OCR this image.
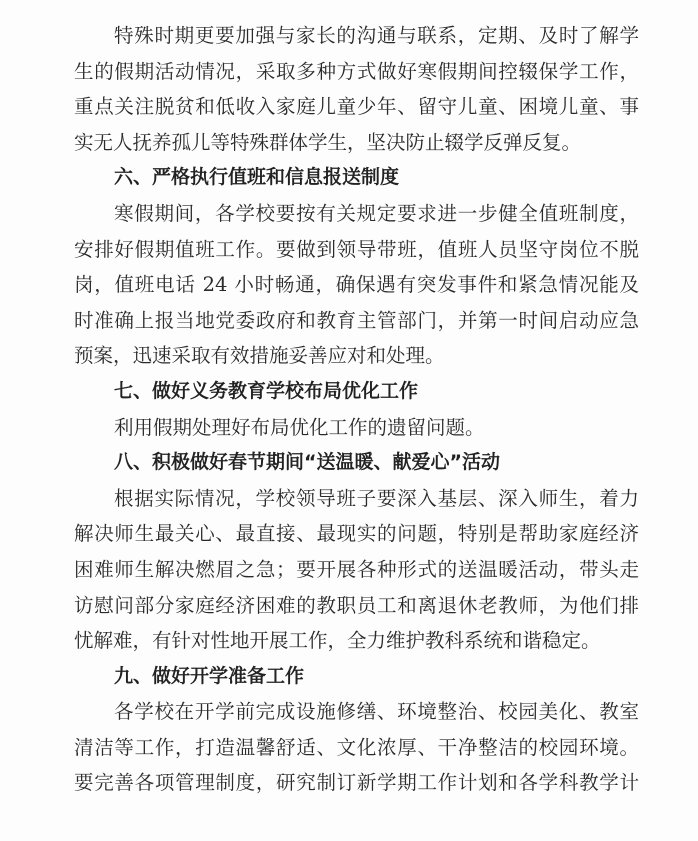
特殊时期更要加强与家长的沟通与联系，定期、及时了解学
生的假期活动情况，采取多种方式做好寒假期间控辍保学工作，
重点关注脱贫和低收入家庭儿童少年、留守儿童、困境儿童、事
实无人抚养孤儿等特殊群体学生，坚决防止辍学反弹反复。
六、严格执行值班和信息报送制度
寒假期间，各学校要按有关规定要求进一步健全值班制度，
安排好假期值班工作。要做到领导带班，值班人员坚守岗位不脱
岗，值班电话 24 小时畅通，确保遇有突发事件和紧急情况能及
时准确上报当地党委政府和教育主管部门，并第一时间启动应急
预案，迅速采取有效措施妥善应对和处理。
七、做好义务教育学校布局优化工作
利用假期处理好布局优化工作的遗留问题。
八、积极做好春节期间“送温暖、献爱心”活动
根据实际情况，学校领导班子要深入基层、深入师生，着力
解决师生最关心、最直接、最现实的问题，特别是帮助家庭经济
困难师生解决燃眉之急；要开展各种形式的送温暖活动，带头走
访慰问部分家庭经济困难的教职员工和离退休老教师，为他们排
忧解难，有针对性地开展工作，全力维护教科系统和谐稳定。
九、做好开学准备工作
各学校在开学前完成设施修缮、环境整治、校园美化、教室
清洁等工作，打造温馨舒适、文化浓厚、干净整洁的校园环境。
要完善各项管理制度，研究制订新学期工作计划和各学科教学计
